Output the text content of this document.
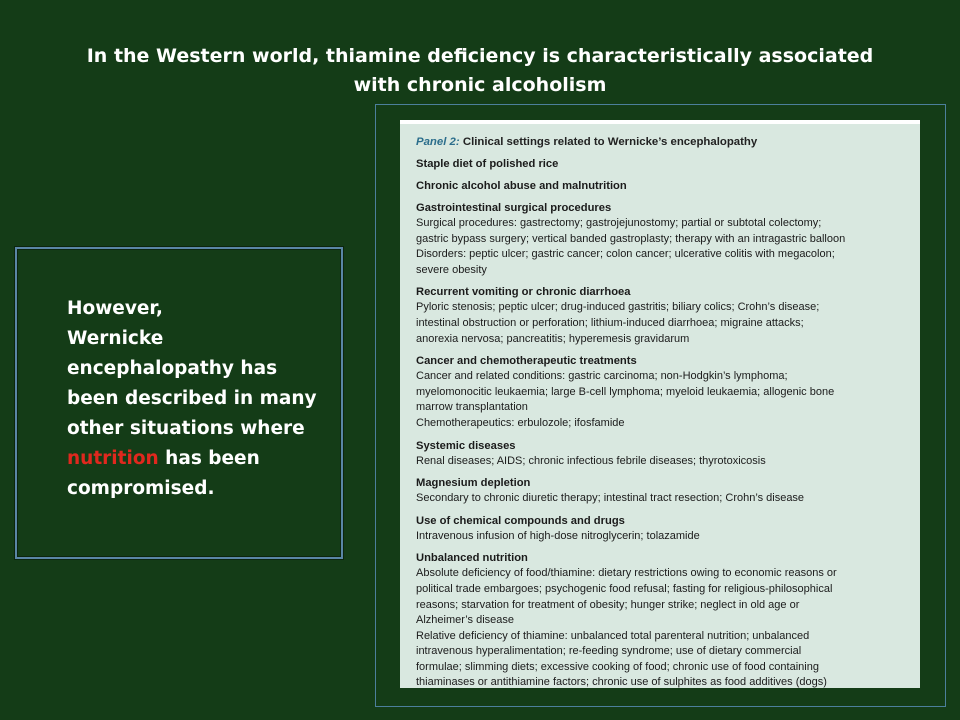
In the Western world, thiamine deficiency is characteristically associated
with chronic alcoholism
However,
Wernicke
encephalopathy has
been described in many
other situations where
nutrition has been
compromised.
Panel 2: Clinical settings related to Wernicke’s encephalopathy
Staple diet of polished rice
Chronic alcohol abuse and malnutrition
Gastrointestinal surgical procedures
Surgical procedures: gastrectomy; gastrojejunostomy; partial or subtotal colectomy;
gastric bypass surgery; vertical banded gastroplasty; therapy with an intragastric balloon
Disorders: peptic ulcer; gastric cancer; colon cancer; ulcerative colitis with megacolon;
severe obesity
Recurrent vomiting or chronic diarrhoea
Pyloric stenosis; peptic ulcer; drug-induced gastritis; biliary colics; Crohn’s disease;
intestinal obstruction or perforation; lithium-induced diarrhoea; migraine attacks;
anorexia nervosa; pancreatitis; hyperemesis gravidarum
Cancer and chemotherapeutic treatments
Cancer and related conditions: gastric carcinoma; non-Hodgkin’s lymphoma;
myelomonocitic leukaemia; large B-cell lymphoma; myeloid leukaemia; allogenic bone
marrow transplantation
Chemotherapeutics: erbulozole; ifosfamide
Systemic diseases
Renal diseases; AIDS; chronic infectious febrile diseases; thyrotoxicosis
Magnesium depletion
Secondary to chronic diuretic therapy; intestinal tract resection; Crohn’s disease
Use of chemical compounds and drugs
Intravenous infusion of high-dose nitroglycerin; tolazamide
Unbalanced nutrition
Absolute deficiency of food/thiamine: dietary restrictions owing to economic reasons or
political trade embargoes; psychogenic food refusal; fasting for religious-philosophical
reasons; starvation for treatment of obesity; hunger strike; neglect in old age or
Alzheimer’s disease
Relative deficiency of thiamine: unbalanced total parenteral nutrition; unbalanced
intravenous hyperalimentation; re-feeding syndrome; use of dietary commercial
formulae; slimming diets; excessive cooking of food; chronic use of food containing
thiaminases or antithiamine factors; chronic use of sulphites as food additives (dogs)
